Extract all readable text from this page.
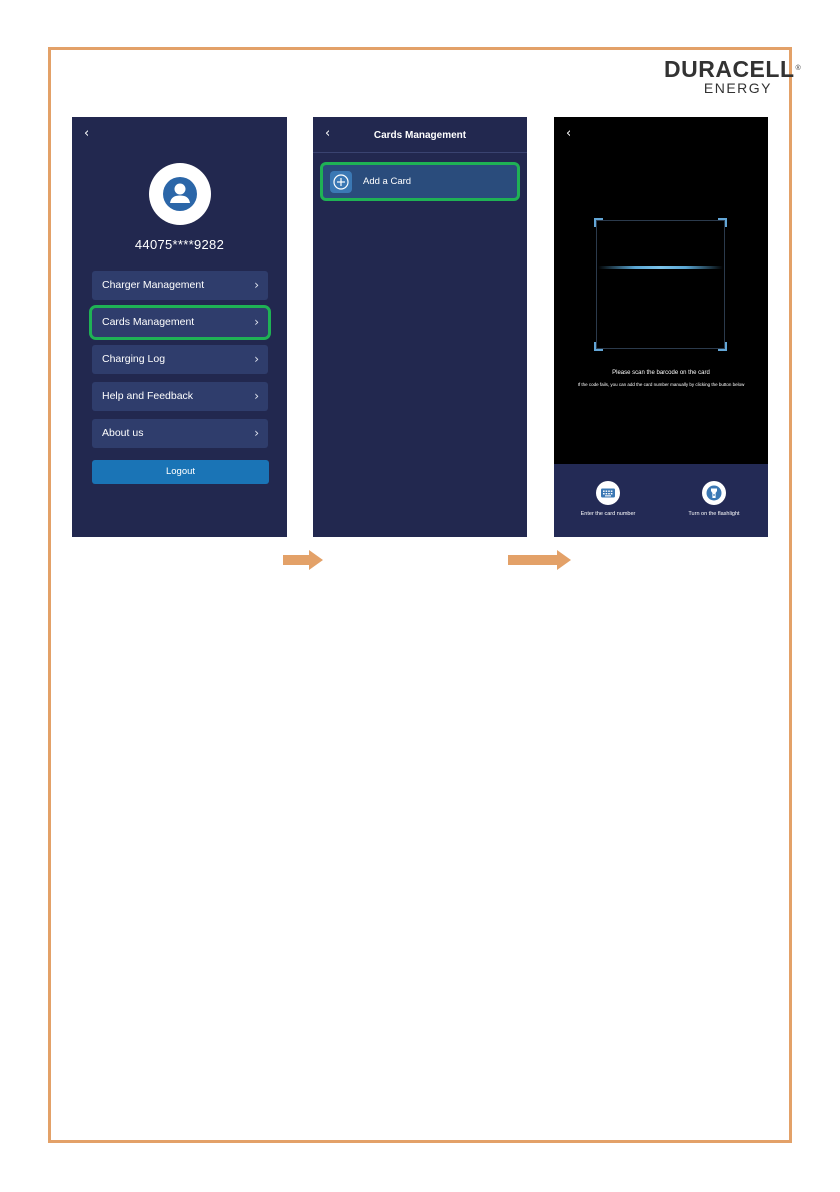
DURACELL®
ENERGY
‹
44075****9282
Charger Management	›
Cards Management	›
Charging Log	›
Help and Feedback	›
About us	›
Logout
‹	Cards Management
Add a Card
‹
Please scan the barcode on the card
If the code fails, you can add the card number manually by clicking the button below
Enter the card number	Turn on the flashlight
